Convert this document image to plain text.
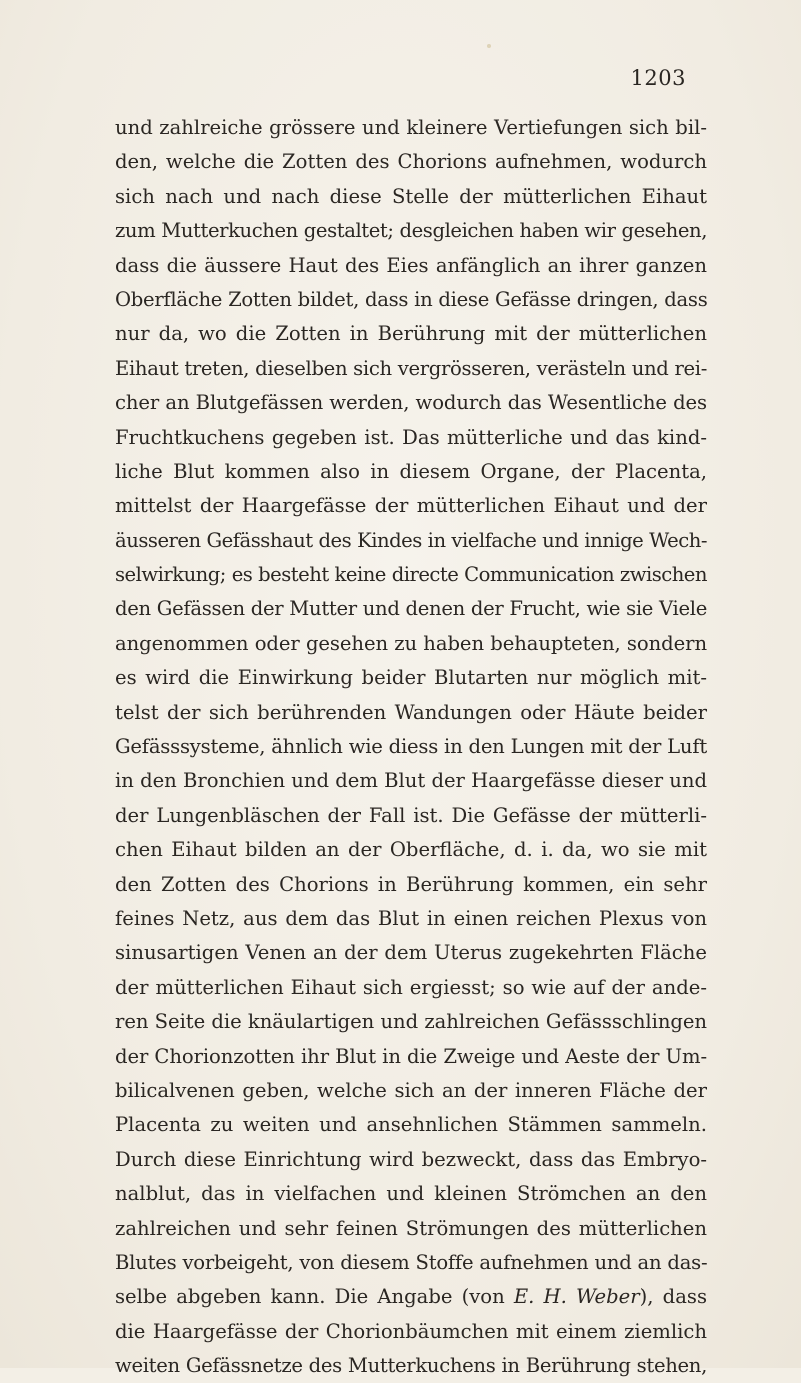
1203
und zahlreiche grössere und kleinere Vertiefungen sich bil-
den, welche die Zotten des Chorions aufnehmen, wodurch
sich nach und nach diese Stelle der mütterlichen Eihaut
zum Mutterkuchen gestaltet; desgleichen haben wir gesehen,
dass die äussere Haut des Eies anfänglich an ihrer ganzen
Oberfläche Zotten bildet, dass in diese Gefässe dringen, dass
nur da, wo die Zotten in Berührung mit der mütterlichen
Eihaut treten, dieselben sich vergrösseren, verästeln und rei-
cher an Blutgefässen werden, wodurch das Wesentliche des
Fruchtkuchens gegeben ist. Das mütterliche und das kind-
liche Blut kommen also in diesem Organe, der Placenta,
mittelst der Haargefässe der mütterlichen Eihaut und der
äusseren Gefässhaut des Kindes in vielfache und innige Wech-
selwirkung; es besteht keine directe Communication zwischen
den Gefässen der Mutter und denen der Frucht, wie sie Viele
angenommen oder gesehen zu haben behaupteten, sondern
es wird die Einwirkung beider Blutarten nur möglich mit-
telst der sich berührenden Wandungen oder Häute beider
Gefässsysteme, ähnlich wie diess in den Lungen mit der Luft
in den Bronchien und dem Blut der Haargefässe dieser und
der Lungenbläschen der Fall ist. Die Gefässe der mütterli-
chen Eihaut bilden an der Oberfläche, d. i. da, wo sie mit
den Zotten des Chorions in Berührung kommen, ein sehr
feines Netz, aus dem das Blut in einen reichen Plexus von
sinusartigen Venen an der dem Uterus zugekehrten Fläche
der mütterlichen Eihaut sich ergiesst; so wie auf der ande-
ren Seite die knäulartigen und zahlreichen Gefässschlingen
der Chorionzotten ihr Blut in die Zweige und Aeste der Um-
bilicalvenen geben, welche sich an der inneren Fläche der
Placenta zu weiten und ansehnlichen Stämmen sammeln.
Durch diese Einrichtung wird bezweckt, dass das Embryo-
nalblut, das in vielfachen und kleinen Strömchen an den
zahlreichen und sehr feinen Strömungen des mütterlichen
Blutes vorbeigeht, von diesem Stoffe aufnehmen und an das-
selbe abgeben kann. Die Angabe (von E. H. Weber), dass
die Haargefässe der Chorionbäumchen mit einem ziemlich
weiten Gefässnetze des Mutterkuchens in Berührung stehen,
